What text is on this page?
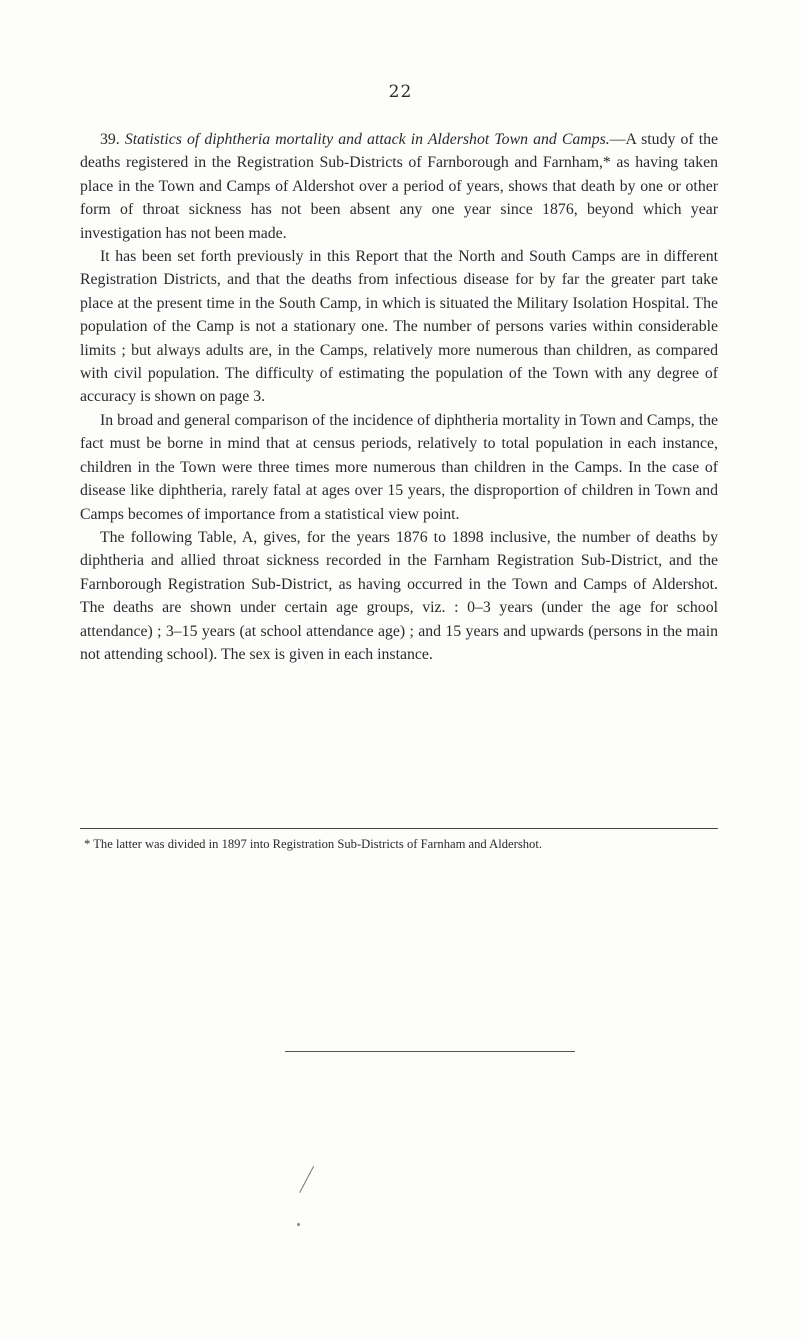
22

39. Statistics of diphtheria mortality and attack in Aldershot Town and Camps.—A study of the deaths registered in the Registration Sub-Districts of Farnborough and Farnham,* as having taken place in the Town and Camps of Aldershot over a period of years, shows that death by one or other form of throat sickness has not been absent any one year since 1876, beyond which year investigation has not been made.

It has been set forth previously in this Report that the North and South Camps are in different Registration Districts, and that the deaths from infectious disease for by far the greater part take place at the present time in the South Camp, in which is situated the Military Isolation Hospital. The population of the Camp is not a stationary one. The number of persons varies within considerable limits ; but always adults are, in the Camps, relatively more numerous than children, as compared with civil population. The difficulty of estimating the population of the Town with any degree of accuracy is shown on page 3.

In broad and general comparison of the incidence of diphtheria mortality in Town and Camps, the fact must be borne in mind that at census periods, relatively to total population in each instance, children in the Town were three times more numerous than children in the Camps. In the case of disease like diphtheria, rarely fatal at ages over 15 years, the disproportion of children in Town and Camps becomes of importance from a statistical view point.

The following Table, A, gives, for the years 1876 to 1898 inclusive, the number of deaths by diphtheria and allied throat sickness recorded in the Farnham Registration Sub-District, and the Farnborough Registration Sub-District, as having occurred in the Town and Camps of Aldershot. The deaths are shown under certain age groups, viz. : 0–3 years (under the age for school attendance) ; 3–15 years (at school attendance age) ; and 15 years and upwards (persons in the main not attending school). The sex is given in each instance.

* The latter was divided in 1897 into Registration Sub-Districts of Farnham and Aldershot.
